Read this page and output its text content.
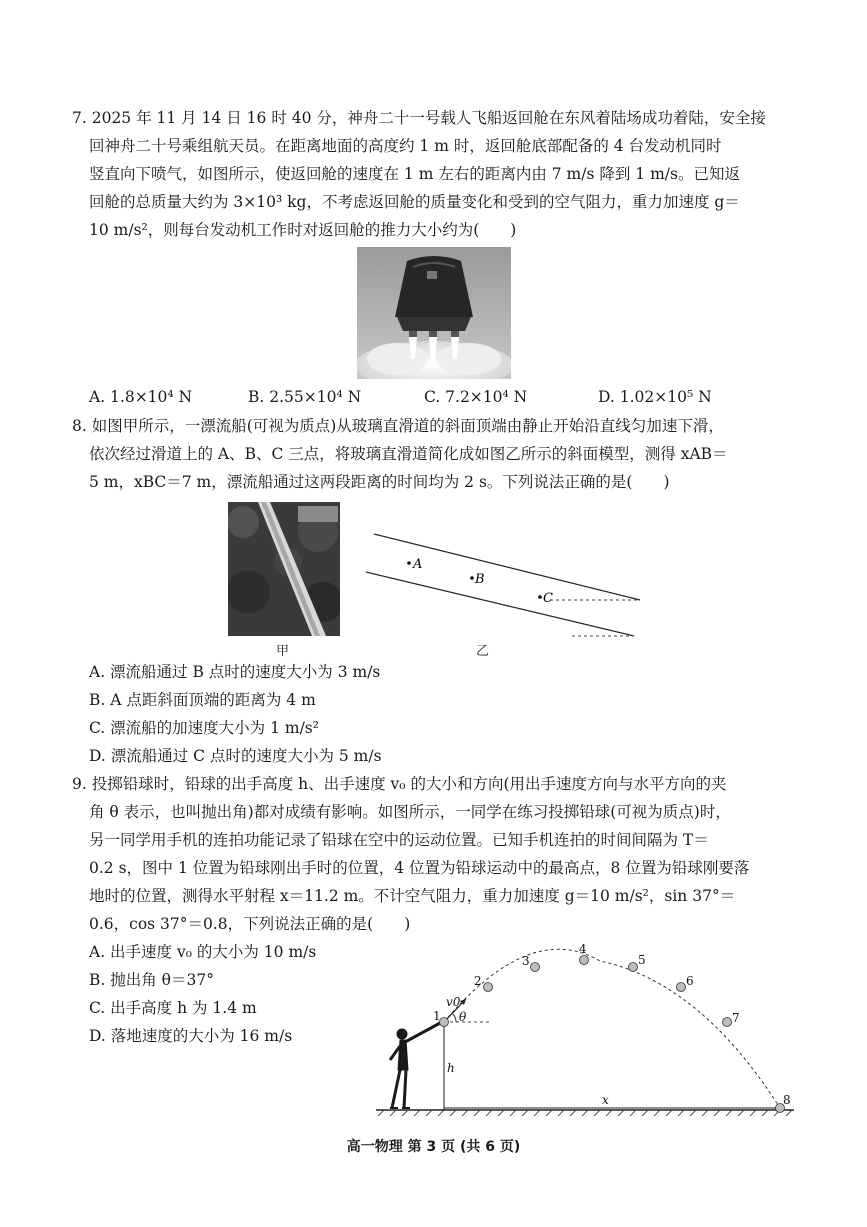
7. 2025 年 11 月 14 日 16 时 40 分，神舟二十一号载人飞船返回舱在东风着陆场成功着陆，安全接
回神舟二十号乘组航天员。在距离地面的高度约 1 m 时，返回舱底部配备的 4 台发动机同时
竖直向下喷气，如图所示，使返回舱的速度在 1 m 左右的距离内由 7 m/s 降到 1 m/s。已知返
回舱的总质量大约为 3×10³ kg，不考虑返回舱的质量变化和受到的空气阻力，重力加速度 g＝
10 m/s²，则每台发动机工作时对返回舱的推力大小约为(　　)
A. 1.8×10⁴ N	B. 2.55×10⁴ N	C. 7.2×10⁴ N	D. 1.02×10⁵ N
8. 如图甲所示，一漂流船(可视为质点)从玻璃直滑道的斜面顶端由静止开始沿直线匀加速下滑，
依次经过滑道上的 A、B、C 三点，将玻璃直滑道简化成如图乙所示的斜面模型，测得 xAB＝
5 m，xBC＝7 m，漂流船通过这两段距离的时间均为 2 s。下列说法正确的是(　　)
甲
A
B
C
乙
A. 漂流船通过 B 点时的速度大小为 3 m/s
B. A 点距斜面顶端的距离为 4 m
C. 漂流船的加速度大小为 1 m/s²
D. 漂流船通过 C 点时的速度大小为 5 m/s
9. 投掷铅球时，铅球的出手高度 h、出手速度 v₀ 的大小和方向(用出手速度方向与水平方向的夹
角 θ 表示，也叫抛出角)都对成绩有影响。如图所示，一同学在练习投掷铅球(可视为质点)时，
另一同学用手机的连拍功能记录了铅球在空中的运动位置。已知手机连拍的时间间隔为 T＝
0.2 s，图中 1 位置为铅球刚出手时的位置，4 位置为铅球运动中的最高点，8 位置为铅球刚要落
地时的位置，测得水平射程 x＝11.2 m。不计空气阻力，重力加速度 g＝10 m/s²，sin 37°＝
0.6，cos 37°＝0.8，下列说法正确的是(　　)
A. 出手速度 v₀ 的大小为 10 m/s
B. 抛出角 θ＝37°
C. 出手高度 h 为 1.4 m
D. 落地速度的大小为 16 m/s
1
2
3
4
5
6
7
8
v0
θ
h
x
高一物理 第 3 页 (共 6 页)
